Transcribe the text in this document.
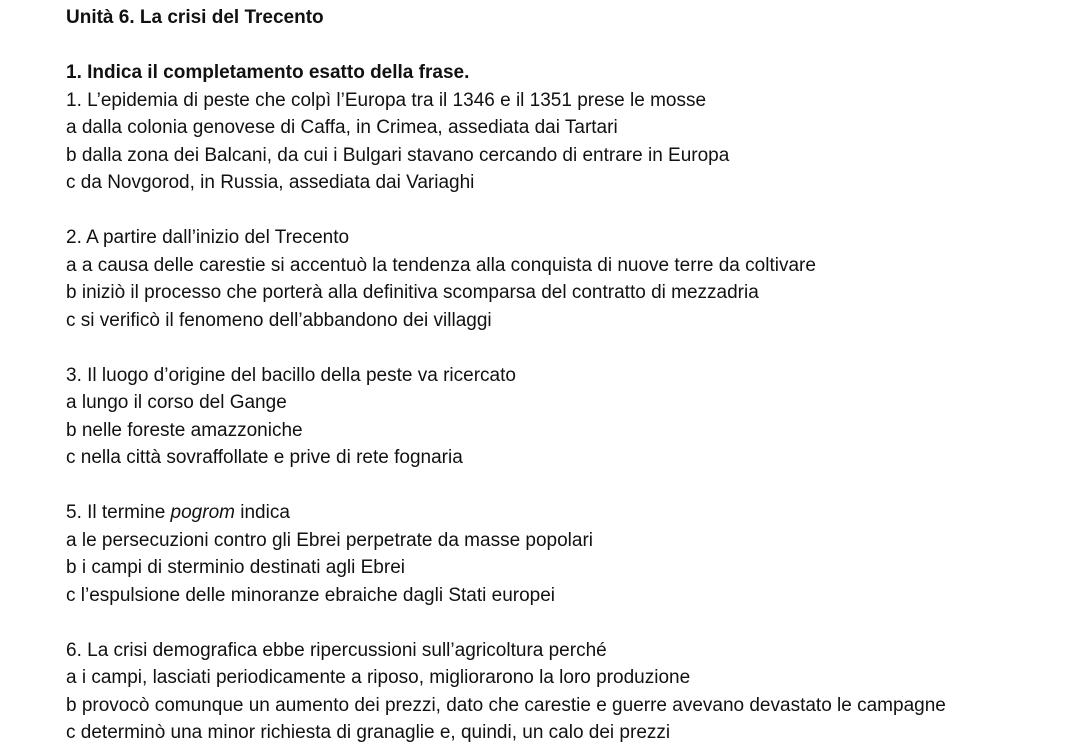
Unità 6. La crisi del Trecento
1. Indica il completamento esatto della frase.
1. L’epidemia di peste che colpì l’Europa tra il 1346 e il 1351 prese le mosse
a dalla colonia genovese di Caffa, in Crimea, assediata dai Tartari
b dalla zona dei Balcani, da cui i Bulgari stavano cercando di entrare in Europa
c da Novgorod, in Russia, assediata dai Variaghi
2. A partire dall’inizio del Trecento
a a causa delle carestie si accentuò la tendenza alla conquista di nuove terre da coltivare
b iniziò il processo che porterà alla definitiva scomparsa del contratto di mezzadria
c si verificò il fenomeno dell’abbandono dei villaggi
3. Il luogo d’origine del bacillo della peste va ricercato
a lungo il corso del Gange
b nelle foreste amazzoniche
c nella città sovraffollate e prive di rete fognaria
5. Il termine pogrom indica
a le persecuzioni contro gli Ebrei perpetrate da masse popolari
b i campi di sterminio destinati agli Ebrei
c l’espulsione delle minoranze ebraiche dagli Stati europei
6. La crisi demografica ebbe ripercussioni sull’agricoltura perché
a i campi, lasciati periodicamente a riposo, migliorarono la loro produzione
b provocò comunque un aumento dei prezzi, dato che carestie e guerre avevano devastato le campagne
c determinò una minor richiesta di granaglie e, quindi, un calo dei prezzi
